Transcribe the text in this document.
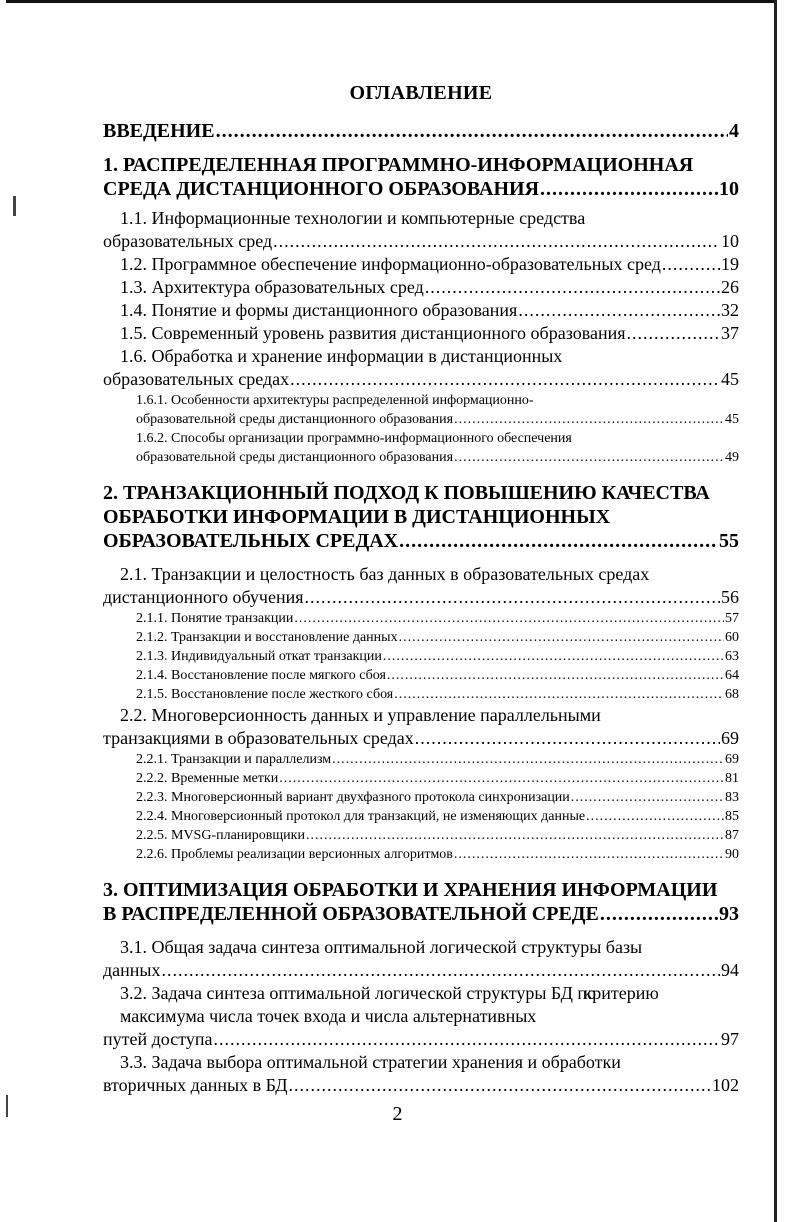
ОГЛАВЛЕНИЕ
ВВЕДЕНИЕ .....	4
1. РАСПРЕДЕЛЕННАЯ ПРОГРАММНО-ИНФОРМАЦИОННАЯ
СРЕДА ДИСТАНЦИОННОГО ОБРАЗОВАНИЯ .....	10
1.1. Информационные технологии и компьютерные средства
образовательных сред .....	10
1.2. Программное обеспечение информационно-образовательных сред .....	19
1.3. Архитектура образовательных сред .....	26
1.4. Понятие и формы дистанционного образования .....	32
1.5. Современный уровень развития дистанционного образования .....	37
1.6. Обработка и хранение информации в дистанционных
образовательных средах .....	45
1.6.1. Особенности архитектуры распределенной информационно-
образовательной среды дистанционного образования .....	45
1.6.2. Способы организации программно-информационного обеспечения
образовательной среды дистанционного образования .....	49
2. ТРАНЗАКЦИОННЫЙ ПОДХОД К ПОВЫШЕНИЮ КАЧЕСТВА
ОБРАБОТКИ ИНФОРМАЦИИ В ДИСТАНЦИОННЫХ
ОБРАЗОВАТЕЛЬНЫХ СРЕДАХ .....	55
2.1. Транзакции и целостность баз данных в образовательных средах
дистанционного обучения .....	56
2.1.1. Понятие транзакции .....	57
2.1.2. Транзакции и восстановление данных .....	60
2.1.3. Индивидуальный откат транзакции .....	63
2.1.4. Восстановление после мягкого сбоя .....	64
2.1.5. Восстановление после жесткого сбоя .....	68
2.2. Многоверсионность данных и управление параллельными
транзакциями в образовательных средах .....	69
2.2.1. Транзакции и параллелизм .....	69
2.2.2. Временные метки .....	81
2.2.3. Многоверсионный вариант двухфазного протокола синхронизации .....	83
2.2.4. Многоверсионный протокол для транзакций, не изменяющих данные .....	85
2.2.5. MVSG-планировщики .....	87
2.2.6. Проблемы реализации версионных алгоритмов .....	90
3. ОПТИМИЗАЦИЯ ОБРАБОТКИ И ХРАНЕНИЯ ИНФОРМАЦИИ
В РАСПРЕДЕЛЕННОЙ ОБРАЗОВАТЕЛЬНОЙ СРЕДЕ .....	93
3.1. Общая задача синтеза оптимальной логической структуры базы
данных .....	94
3.2. Задача синтеза оптимальной логической структуры БД по критерию максимума числа точек входа и числа альтернативных
путей доступа .....	97
3.3. Задача выбора оптимальной стратегии хранения и обработки
вторичных данных в БД .....	102
2
